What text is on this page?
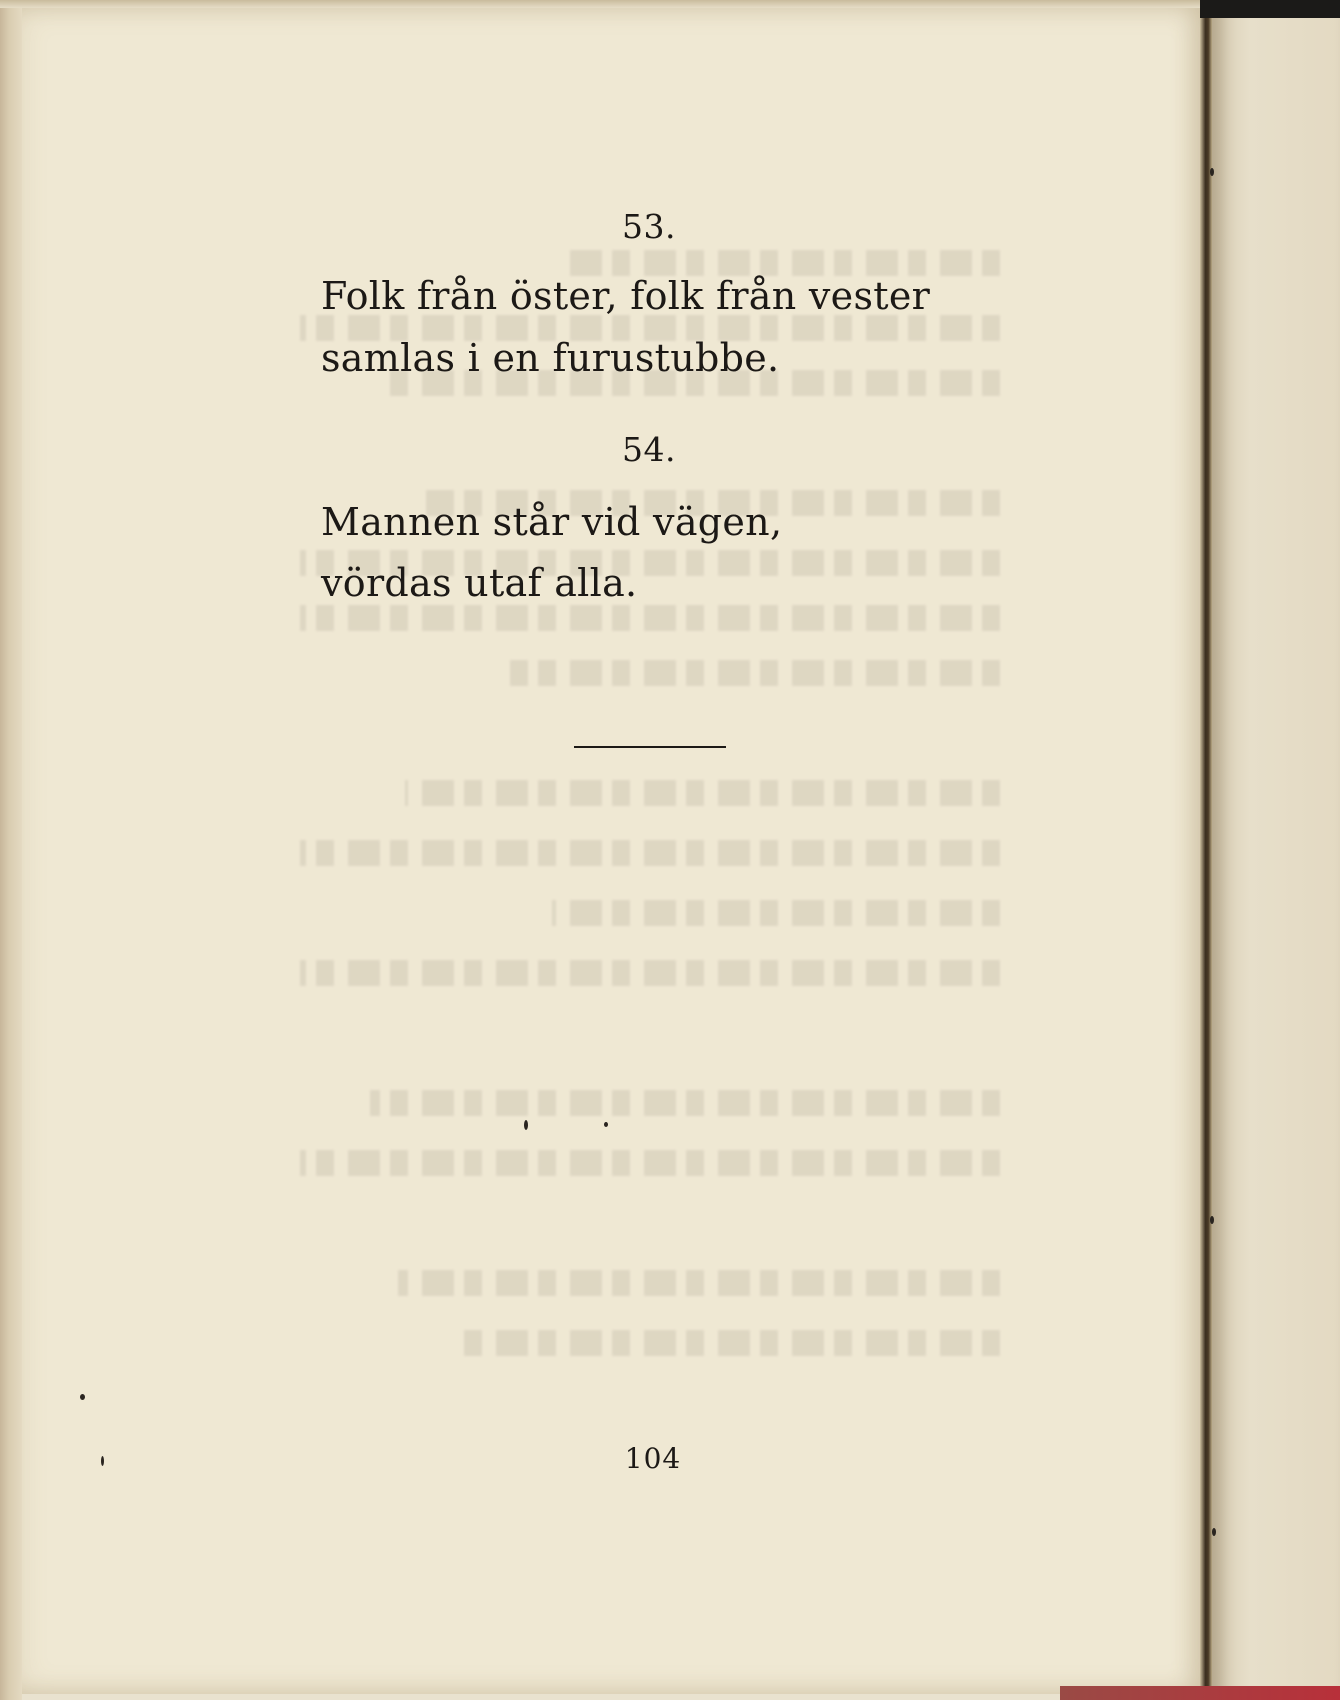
53.
Folk från öster, folk från vester
samlas i en furustubbe.
54.
Mannen står vid vägen,
vördas utaf alla.
104
